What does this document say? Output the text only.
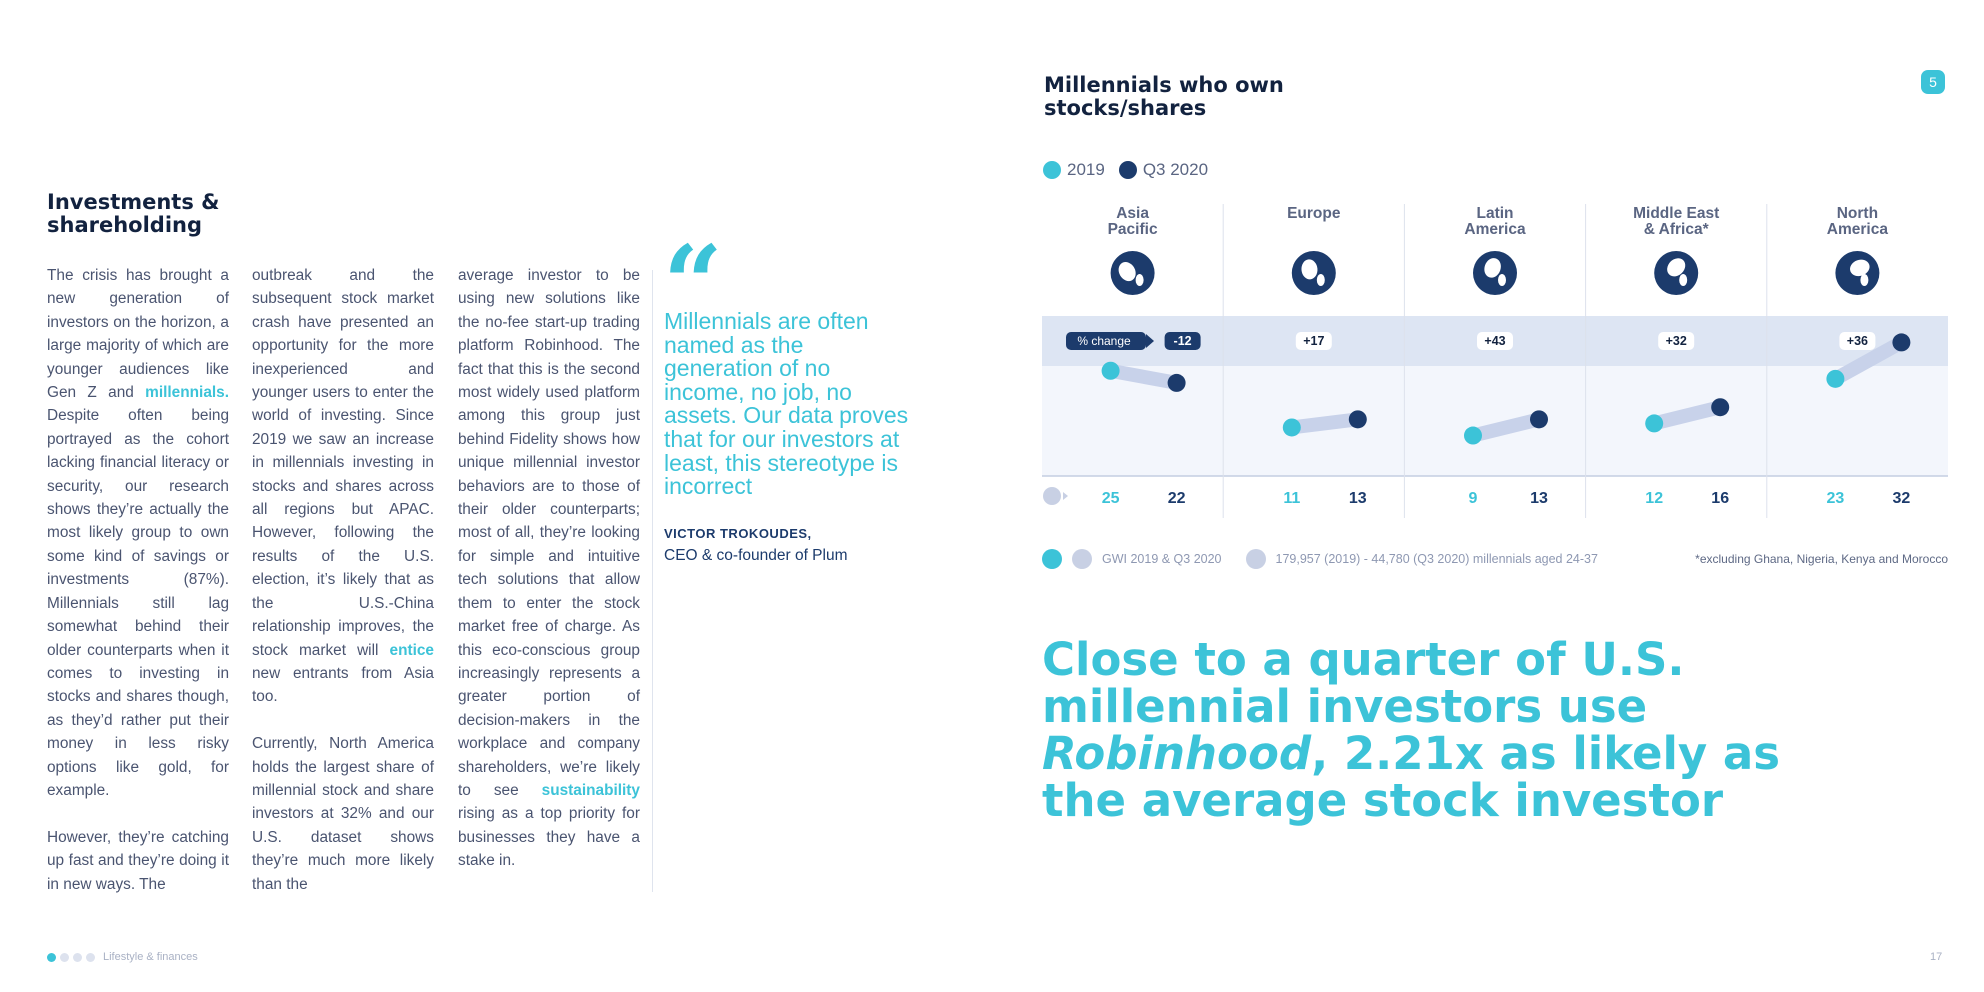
Investments & shareholding

The crisis has brought a new generation of investors on the horizon, a large majority of which are younger audiences like Gen Z and millennials. Despite often being portrayed as the cohort lacking financial literacy or security, our research shows they’re actually the most likely group to own some kind of savings or investments (87%). Millennials still lag somewhat behind their older counterparts when it comes to investing in stocks and shares though, as they’d rather put their money in less risky options like gold, for example.

However, they’re catching up fast and they’re doing it in new ways. The

outbreak and the subsequent stock market crash have presented an opportunity for the more inexperienced and younger users to enter the world of investing. Since 2019 we saw an increase in millennials investing in stocks and shares across all regions but APAC. However, following the results of the U.S. election, it’s likely that as the U.S.-China relationship improves, the stock market will entice new entrants from Asia too.

Currently, North America holds the largest share of millennial stock and share investors at 32% and our U.S. dataset shows they’re much more likely than the

average investor to be using new solutions like the no-fee start-up trading platform Robinhood. The fact that this is the second most widely used platform among this group just behind Fidelity shows how unique millennial investor behaviors are to those of their older counterparts; most of all, they’re looking for simple and intuitive tech solutions that allow them to enter the stock market free of charge. As this eco-conscious group increasingly represents a greater portion of decision-makers in the workplace and company shareholders, we’re likely to see sustainability rising as a top priority for businesses they have a stake in.

“
Millennials are often named as the generation of no income, no job, no assets. Our data proves that for our investors at least, this stereotype is incorrect
VICTOR TROKOUDES,
CEO & co-founder of Plum
Lifestyle & finances	17
Millennials who own stocks/shares
5
2019 Q3 2020
Asia
Pacific
-12
25	22
Europe
+17
11	13
Latin
America
+43
9	13
Middle East
& Africa*
+32
12	16
North
America
+36
23	32
% change
GWI 2019 & Q3 2020	179,957 (2019) - 44,780 (Q3 2020) millennials aged 24-37	*excluding Ghana, Nigeria, Kenya and Morocco
Close to a quarter of U.S. millennial investors use Robinhood, 2.21x as likely as the average stock investor
